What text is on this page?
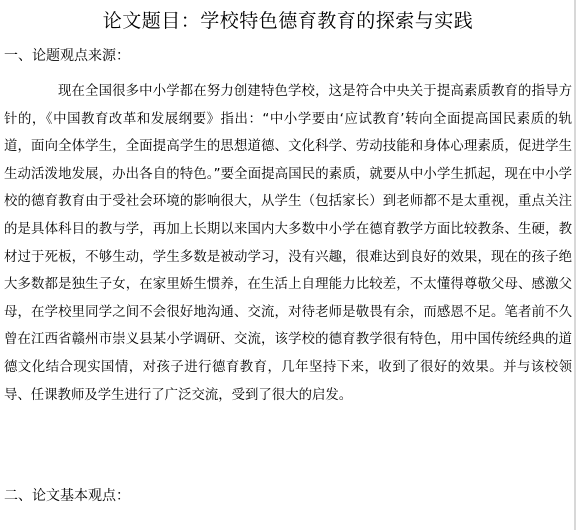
论文题目：学校特色德育教育的探索与实践
一、论题观点来源：

现在全国很多中小学都在努力创建特色学校，这是符合中央关于提高素质教育的指导方针的，《中国教育改革和发展纲要》指出：“中小学要由‘应试教育’转向全面提高国民素质的轨道，面向全体学生，全面提高学生的思想道德、文化科学、劳动技能和身体心理素质，促进学生生动活泼地发展，办出各自的特色。”要全面提高国民的素质，就要从中小学生抓起，现在中小学校的德育教育由于受社会环境的影响很大，从学生（包括家长）到老师都不是太重视，重点关注的是具体科目的教与学，再加上长期以来国内大多数中小学在德育教学方面比较教条、生硬，教材过于死板，不够生动，学生多数是被动学习，没有兴趣，很难达到良好的效果，现在的孩子绝大多数都是独生子女，在家里娇生惯养，在生活上自理能力比较差，不太懂得尊敬父母、感激父母，在学校里同学之间不会很好地沟通、交流，对待老师是敬畏有余，而感恩不足。笔者前不久曾在江西省赣州市崇义县某小学调研、交流，该学校的德育教学很有特色，用中国传统经典的道德文化结合现实国情，对孩子进行德育教育，几年坚持下来，收到了很好的效果。并与该校领导、任课教师及学生进行了广泛交流，受到了很大的启发。

二、论文基本观点：
